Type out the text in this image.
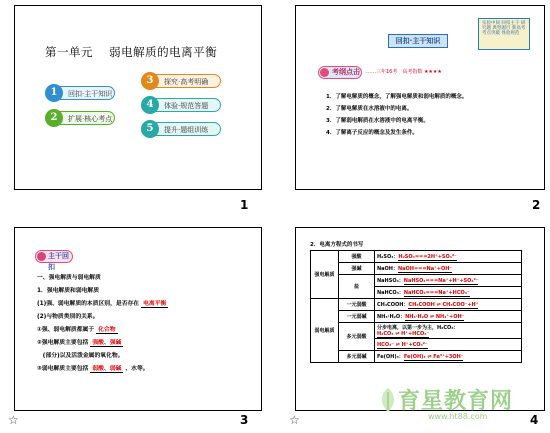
第一单元　 弱电解质的电离平衡
1	回扣·主干知识
2	扩展·核心考点
3	探究·高考明确
4	体验·规范答题
5	提升·题组训练
1
回扣·主干知识
实验中间 回扣主干 研究题 典型题目 新高考 考点突破 体验规范
考纲点击	……三年16考　高考指数 ★★★★
1．了解电解质的概念，了解强电解质和弱电解质的概念。
2．了解电解质在水溶液中的电离。
3．了解弱电解质在水溶液中的电离平衡。
4．了解离子反应的概念及发生条件。
2
主干回扣
一、强电解质与弱电解质
1．强电解质和弱电解质
(1)强、弱电解质的本质区别，是否存在 电离平衡
(2)与物质类别的关系。
①强、弱电解质都属于 化合物
②强电解质主要包括 强酸、强碱
　(部分)以及活泼金属的氧化物。
③弱电解质主要包括 弱酸、弱碱 、水等。
3
☆
2．电离方程式的书写
强电解质	强酸	H₂SO₄：H₂SO₄===2H⁺+SO₄²⁻
	强碱	NaOH：NaOH===Na⁺+OH⁻
	盐	NaHSO₄：NaHSO₄===Na⁺+H⁺+SO₄²⁻
		NaHCO₃：NaHCO₃===Na⁺+HCO₃⁻
弱电解质	一元弱酸	CH₃COOH：CH₃COOH ⇌ CH₃COO⁻+H⁺
	一元弱碱	NH₃·H₂O：NH₃·H₂O ⇌ NH₄⁺+OH⁻
	多元弱酸	分步电离，以第一步为主，H₂CO₃：
H₂CO₃ ⇌ H⁺+HCO₃⁻
		HCO₃⁻ ⇌ H⁺+CO₃²⁻
	多元弱碱	Fe(OH)₃：Fe(OH)₃ ⇌ Fe³⁺+3OH⁻
4
☆
育星教育网
www.ht88.com
